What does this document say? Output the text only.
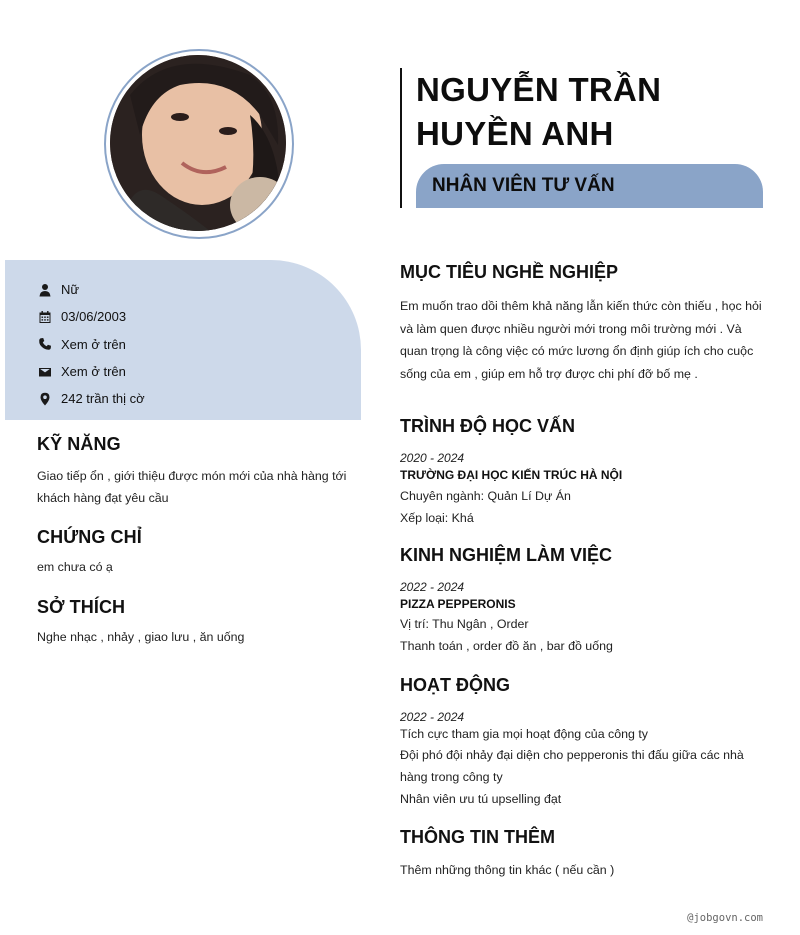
Nữ
03/06/2003
Xem ở trên
Xem ở trên
242 trần thị cờ
KỸ NĂNG
Giao tiếp ổn , giới thiệu được món mới của nhà hàng tới khách hàng đạt yêu cầu
CHỨNG CHỈ
em chưa có ạ
SỞ THÍCH
Nghe nhạc , nhảy , giao lưu , ăn uống
NGUYỄN TRẦN HUYỀN ANH
NHÂN VIÊN TƯ VẤN
MỤC TIÊU NGHỀ NGHIỆP
Em muốn trao dồi thêm khả năng lẫn kiến thức còn thiếu , học hỏi và làm quen được nhiều người mới trong môi trường mới . Và quan trọng là công việc có mức lương ổn định giúp ích cho cuộc sống của em , giúp em hỗ trợ được chi phí đỡ bố mẹ .
TRÌNH ĐỘ HỌC VẤN
2020 - 2024
TRƯỜNG ĐẠI HỌC KIẾN TRÚC HÀ NỘI
Chuyên ngành: Quản Lí Dự Án
Xếp loại: Khá
KINH NGHIỆM LÀM VIỆC
2022 - 2024
PIZZA PEPPERONIS
Vị trí: Thu Ngân , Order
Thanh toán , order đồ ăn , bar đồ uống
HOẠT ĐỘNG
2022 - 2024
Tích cực tham gia mọi hoạt động của công ty
Đội phó đội nhảy đại diện cho pepperonis thi đấu giữa các nhà hàng trong công ty
Nhân viên ưu tú upselling đạt
THÔNG TIN THÊM
Thêm những thông tin khác ( nếu cần )
@jobgovn.com
